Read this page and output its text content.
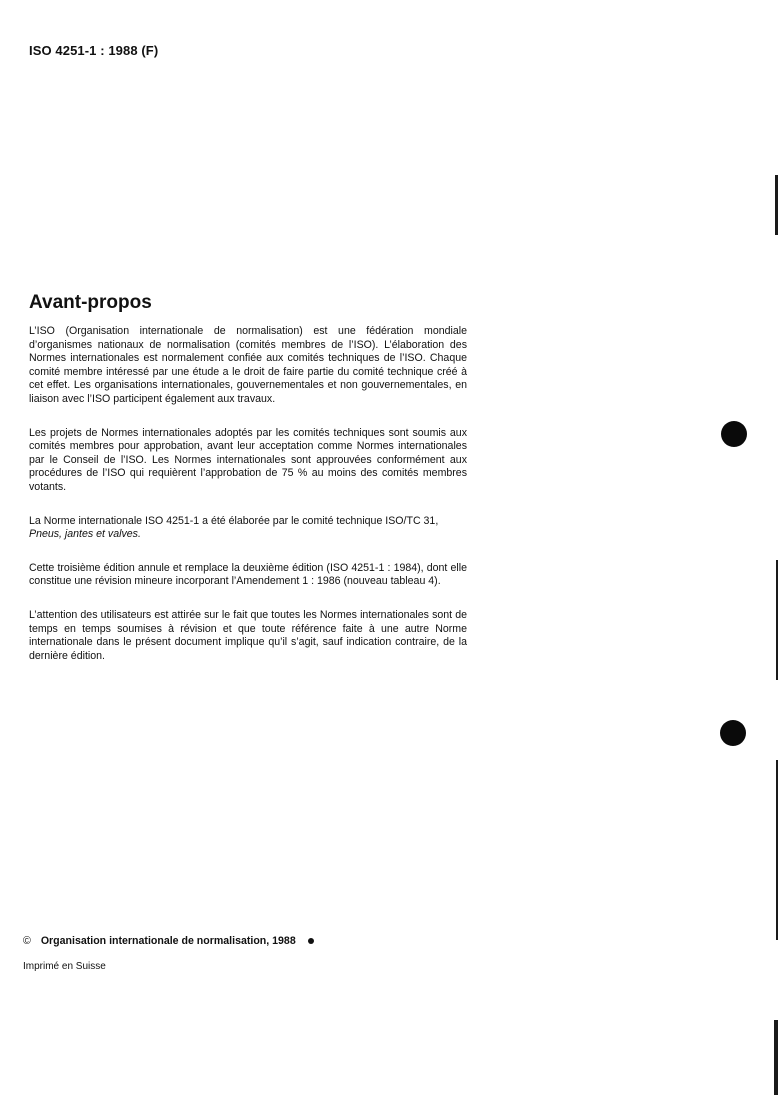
ISO 4251-1 : 1988 (F)
Avant-propos

L’ISO (Organisation internationale de normalisation) est une fédération mondiale d’organismes nationaux de normalisation (comités membres de l’ISO). L’élaboration des Normes internationales est normalement confiée aux comités techniques de l’ISO. Chaque comité membre intéressé par une étude a le droit de faire partie du comité technique créé à cet effet. Les organisations internationales, gouvernementales et non gouvernementales, en liaison avec l’ISO participent également aux travaux.

Les projets de Normes internationales adoptés par les comités techniques sont soumis aux comités membres pour approbation, avant leur acceptation comme Normes internationales par le Conseil de l’ISO. Les Normes internationales sont approuvées conformément aux procédures de l’ISO qui requièrent l’approbation de 75 % au moins des comités membres votants.

La Norme internationale ISO 4251-1 a été élaborée par le comité technique ISO/TC 31,
Pneus, jantes et valves.

Cette troisième édition annule et remplace la deuxième édition (ISO 4251-1 : 1984), dont elle constitue une révision mineure incorporant l’Amendement 1 : 1986 (nouveau tableau 4).

L’attention des utilisateurs est attirée sur le fait que toutes les Normes internationales sont de temps en temps soumises à révision et que toute référence faite à une autre Norme internationale dans le présent document implique qu’il s’agit, sauf indication contraire, de la dernière édition.

© Organisation internationale de normalisation, 1988
Imprimé en Suisse
